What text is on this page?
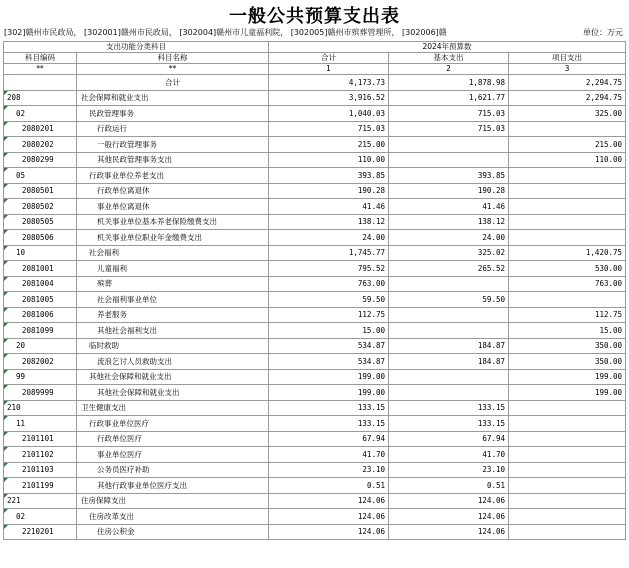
一般公共预算支出表
[302]赣州市民政局， [302001]赣州市民政局， [302004]赣州市儿童福利院， [302005]赣州市殡葬管理所， [302006]赣	单位：万元
支出功能分类科目		2024年预算数		
科目编码	科目名称	合计	基本支出	项目支出
**	**	1	2	3
	合计	4,173.73	1,878.98	2,294.75
208	社会保障和就业支出	3,916.52	1,621.77	2,294.75
02	民政管理事务	1,040.03	715.03	325.00
2080201	行政运行	715.03	715.03	
2080202	一般行政管理事务	215.00		215.00
2080299	其他民政管理事务支出	110.00		110.00
05	行政事业单位养老支出	393.85	393.85	
2080501	行政单位离退休	190.28	190.28	
2080502	事业单位离退休	41.46	41.46	
2080505	机关事业单位基本养老保险缴费支出	138.12	138.12	
2080506	机关事业单位职业年金缴费支出	24.00	24.00	
10	社会福利	1,745.77	325.02	1,420.75
2081001	儿童福利	795.52	265.52	530.00
2081004	殡葬	763.00		763.00
2081005	社会福利事业单位	59.50	59.50	
2081006	养老服务	112.75		112.75
2081099	其他社会福利支出	15.00		15.00
20	临时救助	534.87	184.87	350.00
2082002	流浪乞讨人员救助支出	534.87	184.87	350.00
99	其他社会保障和就业支出	199.00		199.00
2089999	其他社会保障和就业支出	199.00		199.00
210	卫生健康支出	133.15	133.15	
11	行政事业单位医疗	133.15	133.15	
2101101	行政单位医疗	67.94	67.94	
2101102	事业单位医疗	41.70	41.70	
2101103	公务员医疗补助	23.10	23.10	
2101199	其他行政事业单位医疗支出	0.51	0.51	
221	住房保障支出	124.06	124.06	
02	住房改革支出	124.06	124.06	
2210201	住房公积金	124.06	124.06	
